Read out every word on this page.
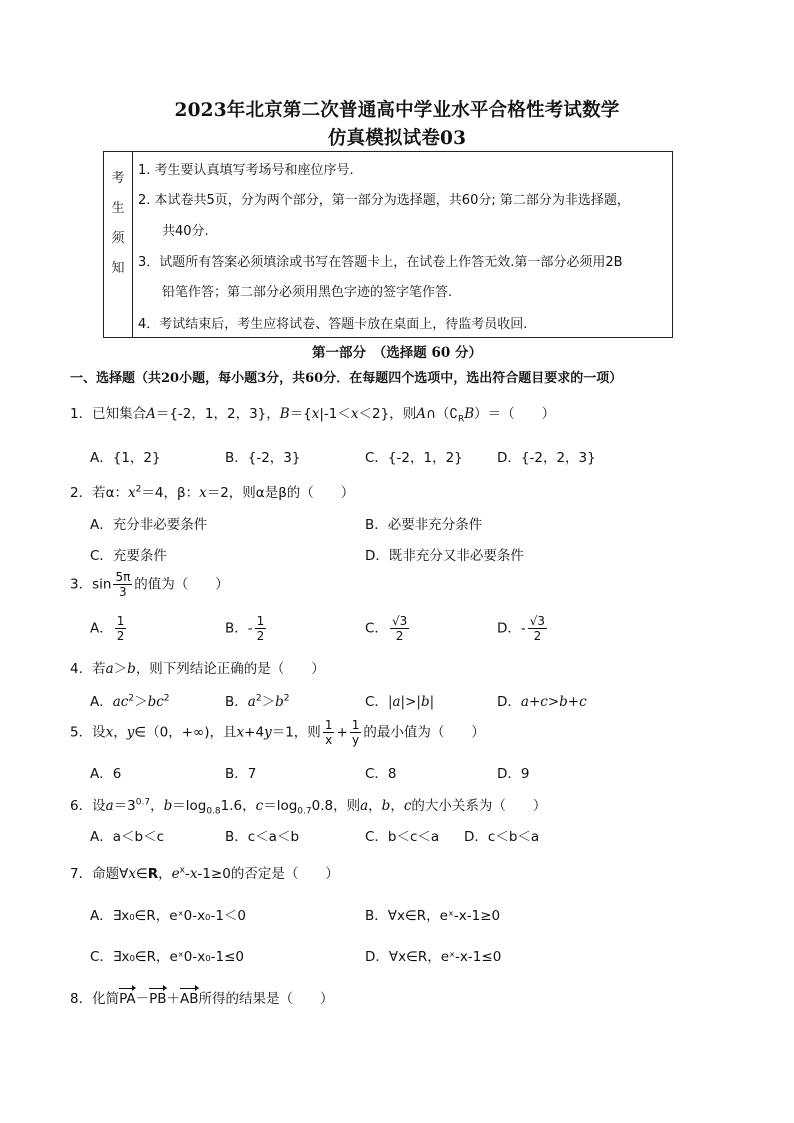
2023年北京第二次普通高中学业水平合格性考试数学
仿真模拟试卷03
考
生
须
知
1. 考生要认真填写考场号和座位序号.
2. 本试卷共5页，分为两个部分，第一部分为选择题，共60分; 第二部分为非选择题，
共40分.
3．试题所有答案必须填涂或书写在答题卡上，在试卷上作答无效.第一部分必须用2B
铅笔作答；第二部分必须用黑色字迹的签字笔作答.
4．考试结束后，考生应将试卷、答题卡放在桌面上，待监考员收回.
第一部分　（选择题 60 分）
一、选择题（共20小题，每小题3分，共60分．在每题四个选项中，选出符合题目要求的一项）
1．已知集合A＝{-2，1，2，3}，B＝{x|-1＜x＜2}，则$A\cap(∁_RB)=$（　　）
A．{1，2}	B．{-2，3}	C．{-2，1，2}	D．{-2，2，3}
2．若α：$x^2=4$，β：x＝2，则α是β的（　　）
A．充分非必要条件	B．必要非充分条件
C．充要条件	D．既非充分又非必要条件
3．$\sin \frac{5\pi}{3}$ 的值为（　　）
A． $\frac{1}{2}$	B．- $\frac{1}{2}$	C． $\frac{√3}{2}$	D．- $\frac{√3}{2}$
4．若a＞b，则下列结论正确的是（　　）
A．$ac^2>bc^2$	B．$a^2>b^2$	C．|a|>|b|	D．a+c>b+c
5．设x，y∈（0，+∞)，且x+4y＝1，则 $\frac{1}{x} + \frac{1}{y}$ 的最小值为（　　）
A．6	B．7	C．8	D．9
6．设$a=3^{0.7}$，$b=\log_{0.8}1.6$，$c=\log_{0.7}0.8$，则a，b，c的大小关系为（　　）
A．a＜b＜c	B．c＜a＜b	C．b＜c＜a D．c＜b＜a
7．命题∀x∈R，$e^x-x-1\ge 0$的否定是（　　）
A．∃x₀∈R，eˣ0-x₀-1＜0	B．∀x∈R，eˣ-x-1≥0
C．∃x₀∈R，eˣ0-x₀-1≤0	D．∀x∈R，eˣ-x-1≤0
8．化简PA－PB＋AB所得的结果是（　　）
